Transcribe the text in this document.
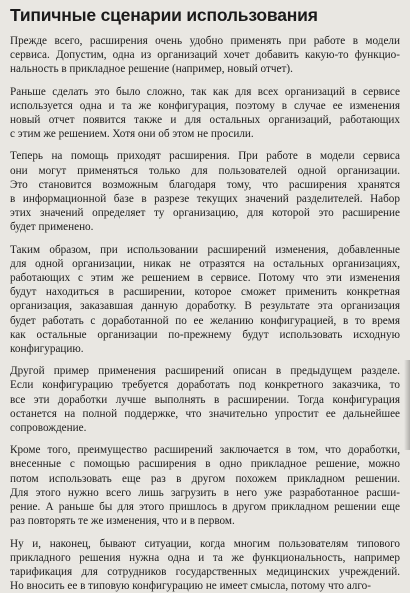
Типичные сценарии использования
Прежде всего, расширения очень удобно применять при работе в модели
сервиса. Допустим, одна из организаций хочет добавить какую-то функцио-
нальность в прикладное решение (например, новый отчет).
Раньше сделать это было сложно, так как для всех организаций в сервисе
используется одна и та же конфигурация, поэтому в случае ее изменения
новый отчет появится также и для остальных организаций, работающих
с этим же решением. Хотя они об этом не просили.
Теперь на помощь приходят расширения. При работе в модели сервиса
они могут применяться только для пользователей одной организации.
Это становится возможным благодаря тому, что расширения хранятся
в информационной базе в разрезе текущих значений разделителей. Набор
этих значений определяет ту организацию, для которой это расширение
будет применено.
Таким образом, при использовании расширений изменения, добавленные
для одной организации, никак не отразятся на остальных организациях,
работающих с этим же решением в сервисе. Потому что эти изменения
будут находиться в расширении, которое сможет применить конкретная
организация, заказавшая данную доработку. В результате эта организация
будет работать с доработанной по ее желанию конфигурацией, в то время
как остальные организации по-прежнему будут использовать исходную
конфигурацию.
Другой пример применения расширений описан в предыдущем разделе.
Если конфигурацию требуется доработать под конкретного заказчика, то
все эти доработки лучше выполнять в расширении. Тогда конфигурация
останется на полной поддержке, что значительно упростит ее дальнейшее
сопровождение.
Кроме того, преимущество расширений заключается в том, что доработки,
внесенные с помощью расширения в одно прикладное решение, можно
потом использовать еще раз в другом похожем прикладном решении.
Для этого нужно всего лишь загрузить в него уже разработанное расши-
рение. А раньше бы для этого пришлось в другом прикладном решении еще
раз повторять те же изменения, что и в первом.
Ну и, наконец, бывают ситуации, когда многим пользователям типового
прикладного решения нужна одна и та же функциональность, например
тарификация для сотрудников государственных медицинских учреждений.
Но вносить ее в типовую конфигурацию не имеет смысла, потому что алго-
